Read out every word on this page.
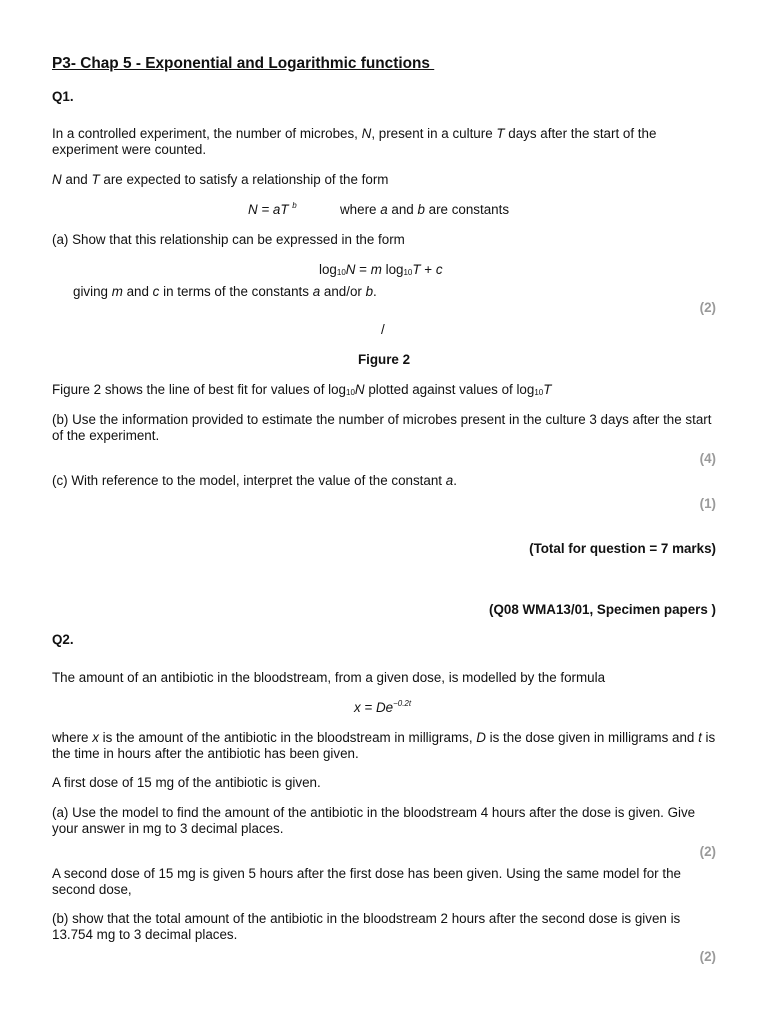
P3- Chap 5 - Exponential and Logarithmic functions
Q1.
In a controlled experiment, the number of microbes, N, present in a culture T days after the start of the experiment were counted.
N and T are expected to satisfy a relationship of the form
N = aT $^b$	where a and b are constants
(a) Show that this relationship can be expressed in the form
$\log_{10}N = m$ $\log_{10}T + c$
giving m and c in terms of the constants a and/or b.
(2)
/
Figure 2
Figure 2 shows the line of best fit for values of $\log_{10}N$ plotted against values of $\log_{10}T$
(b) Use the information provided to estimate the number of microbes present in the culture 3 days after the start of the experiment.
(4)
(c) With reference to the model, interpret the value of the constant a.
(1)
(Total for question = 7 marks)
(Q08 WMA13/01, Specimen papers )
Q2.
The amount of an antibiotic in the bloodstream, from a given dose, is modelled by the formula
$x = De^{-0.2t}$
where x is the amount of the antibiotic in the bloodstream in milligrams, D is the dose given in milligrams and t is the time in hours after the antibiotic has been given.
A first dose of 15 mg of the antibiotic is given.
(a) Use the model to find the amount of the antibiotic in the bloodstream 4 hours after the dose is given. Give your answer in mg to 3 decimal places.
(2)
A second dose of 15 mg is given 5 hours after the first dose has been given. Using the same model for the second dose,
(b) show that the total amount of the antibiotic in the bloodstream 2 hours after the second dose is given is 13.754 mg to 3 decimal places.
(2)
